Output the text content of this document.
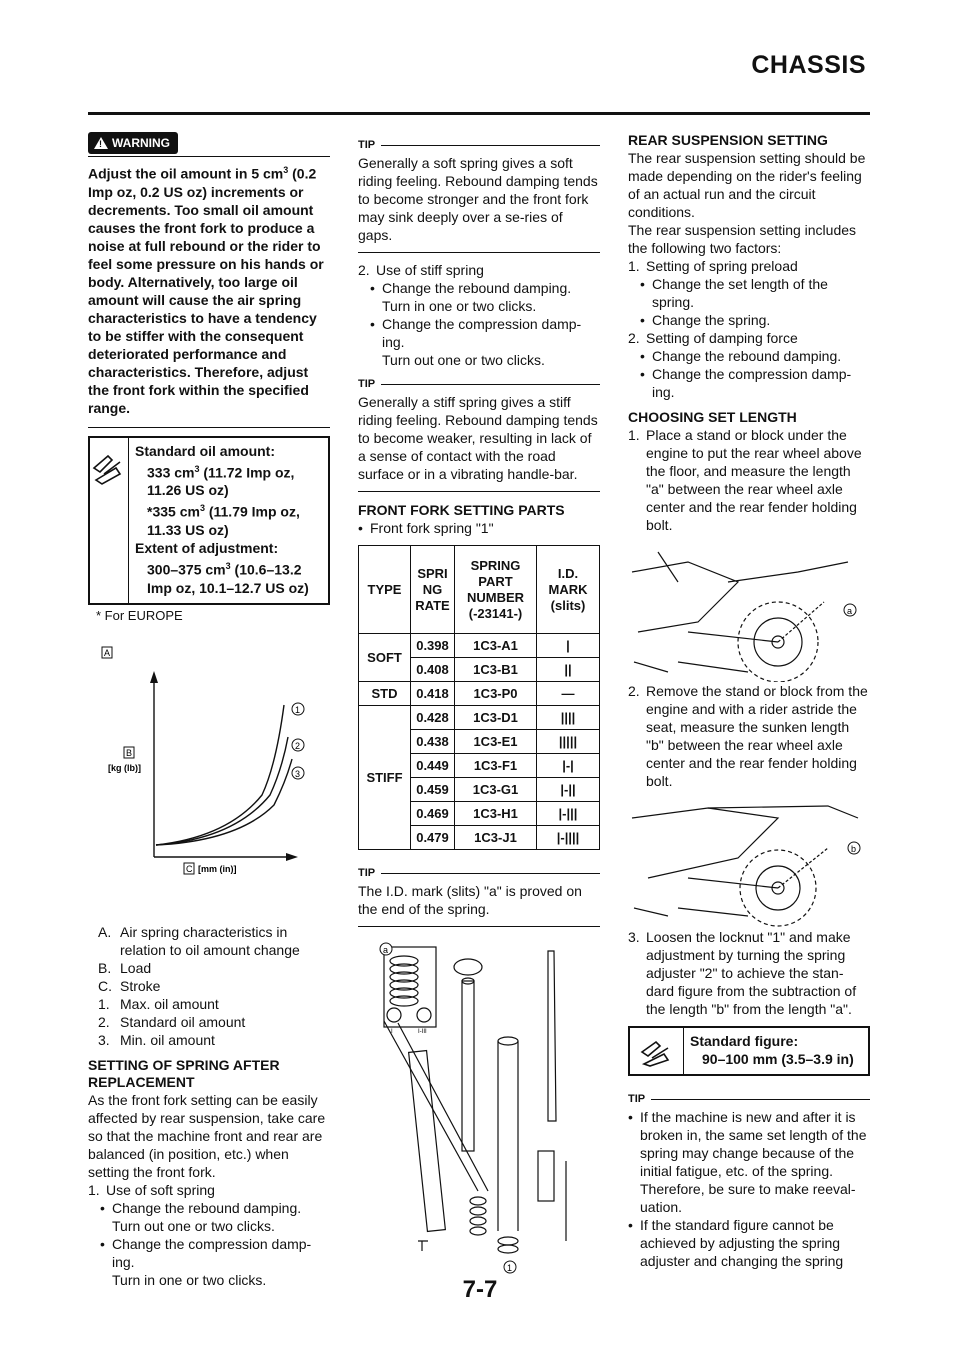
CHASSIS
! WARNING
Adjust the oil amount in 5 $cm^3$ (0.2 Imp oz, 0.2 US oz) increments or decrements. Too small oil amount causes the front fork to produce a noise at full rebound or the rider to feel some pressure on his hands or body. Alternatively, too large oil amount will cause the air spring characteristics to have a tendency to be stiffer with the consequent deteriorated performance and characteristics. Therefore, adjust the front fork within the specified range.
Standard oil amount:
333 $cm^3$ (11.72 Imp oz, 11.26 US oz)
*335 $cm^3$ (11.79 Imp oz, 11.33 US oz)
Extent of adjustment:
300–375 $cm^3$ (10.6–13.2 Imp oz, 10.1–12.7 US oz)
* For EUROPE
A
1
2
3
B
[kg (lb)]
C [mm (in)]
A. Air spring characteristics in relation to oil amount change
B. Load
C. Stroke
1. Max. oil amount
2. Standard oil amount
3. Min. oil amount
SETTING OF SPRING AFTER REPLACEMENT
As the front fork setting can be easily affected by rear suspension, take care so that the machine front and rear are balanced (in position, etc.) when setting the front fork.
1. Use of soft spring
• Change the rebound damping.
Turn out one or two clicks.
• Change the compression damp-ing.
Turn in one or two clicks.
TIP
Generally a soft spring gives a soft riding feeling. Rebound damping tends to become stronger and the front fork may sink deeply over a se-ries of gaps.
2. Use of stiff spring
• Change the rebound damping.
Turn in one or two clicks.
• Change the compression damp-ing.
Turn out one or two clicks.
TIP
Generally a stiff spring gives a stiff riding feeling. Rebound damping tends to become weaker, resulting in lack of a sense of contact with the road surface or in a vibrating handle-bar.
FRONT FORK SETTING PARTS
• Front fork spring "1"
TYPE	SPRI NG RATE	SPRING PART NUMBER (-23141-)	I.D. MARK (slits)
SOFT	0.398	1C3-A1	|
	0.408	1C3-B1	||
STD	0.418	1C3-P0	—
STIFF	0.428	1C3-D1	||||
	0.438	1C3-E1	|||||
	0.449	1C3-F1	|-|
	0.459	1C3-G1	|-||
	0.469	1C3-H1	|-|||
	0.479	1C3-J1	|-||||
TIP
The I.D. mark (slits) "a" is proved on the end of the spring.
a
I	I-III
1
REAR SUSPENSION SETTING
The rear suspension setting should be made depending on the rider's feeling of an actual run and the circuit conditions.
The rear suspension setting includes the following two factors:
1. Setting of spring preload
• Change the set length of the spring.
• Change the spring.
2. Setting of damping force
• Change the rebound damping.
• Change the compression damp-ing.
CHOOSING SET LENGTH
1. Place a stand or block under the engine to put the rear wheel above the floor, and measure the length "a" between the rear wheel axle center and the rear fender holding bolt.
a
2. Remove the stand or block from the engine and with a rider astride the seat, measure the sunken length "b" between the rear wheel axle center and the rear fender holding bolt.
b
3. Loosen the locknut "1" and make adjustment by turning the spring adjuster "2" to achieve the stan-dard figure from the subtraction of the length "b" from the length "a".
Standard figure:
90–100 mm (3.5–3.9 in)
TIP
• If the machine is new and after it is broken in, the same set length of the spring may change because of the initial fatigue, etc. of the spring. Therefore, be sure to make reeval-uation.
• If the standard figure cannot be achieved by adjusting the spring adjuster and changing the spring
7-7
